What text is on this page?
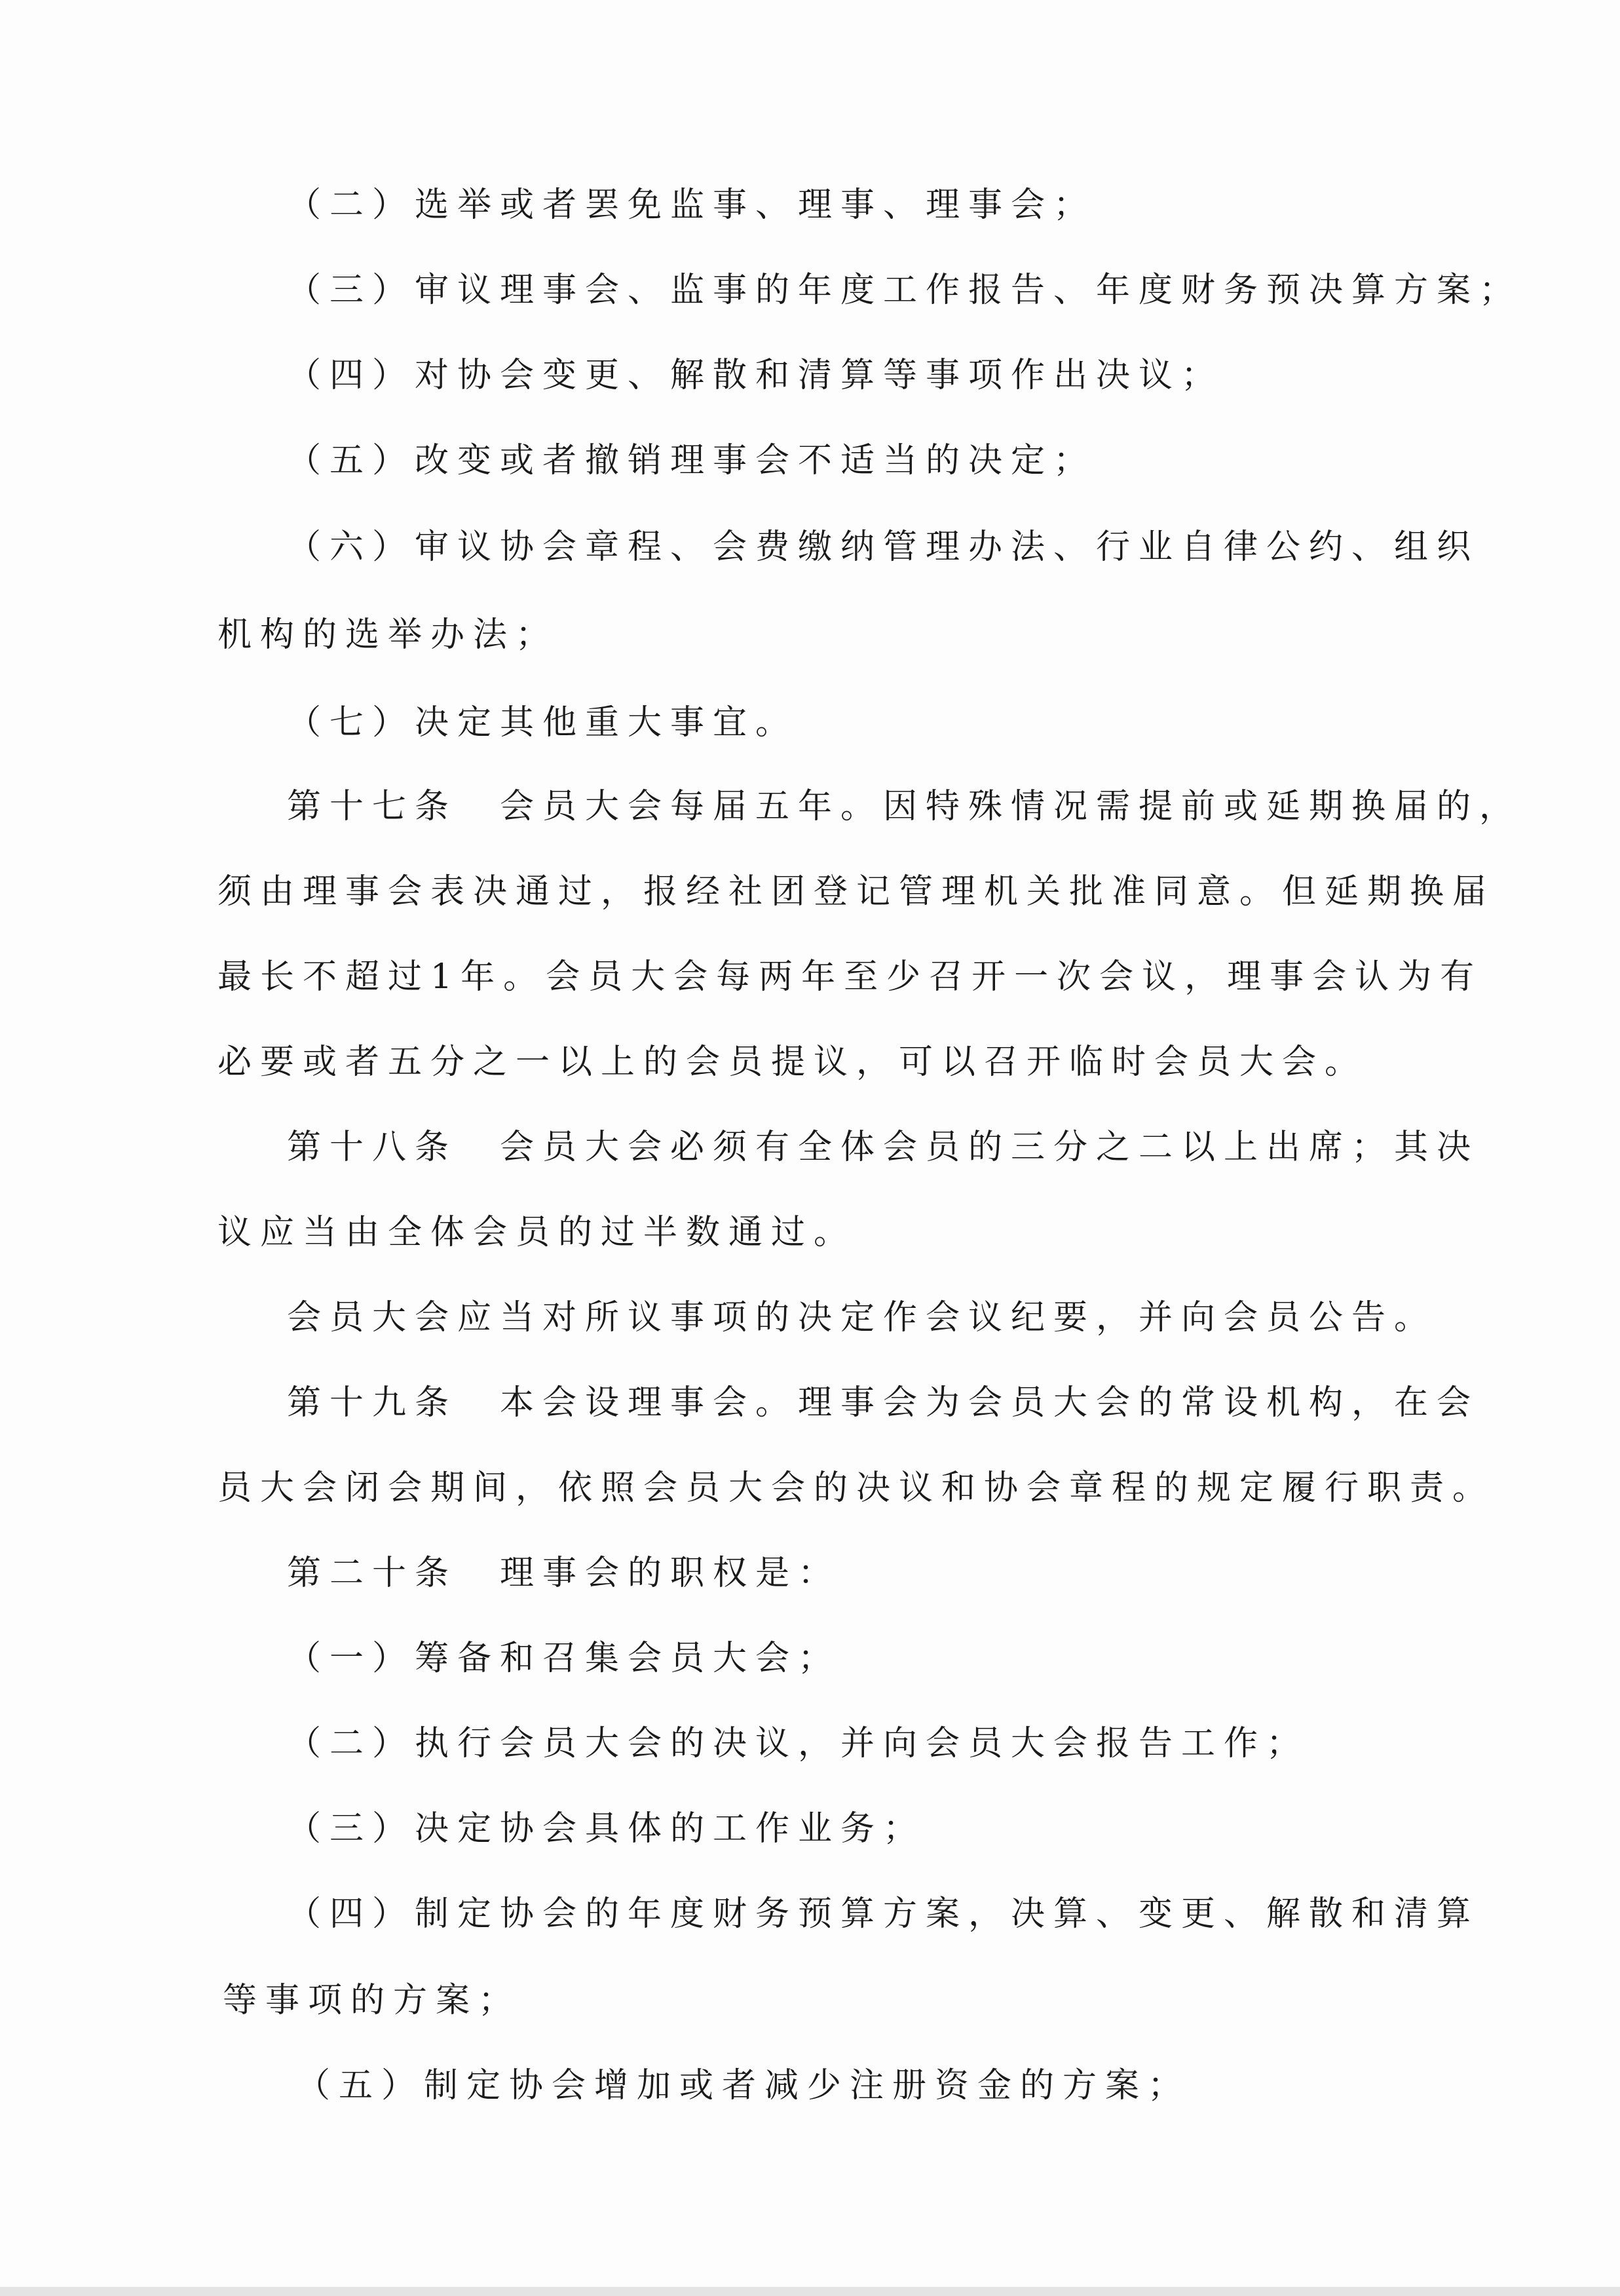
（二）选举或者罢免监事、理事、理事会；
（三）审议理事会、监事的年度工作报告、年度财务预决算方案；
（四）对协会变更、解散和清算等事项作出决议；
（五）改变或者撤销理事会不适当的决定；
（六）审议协会章程、会费缴纳管理办法、行业自律公约、组织
机构的选举办法；
（七）决定其他重大事宜。
第十七条　会员大会每届五年。因特殊情况需提前或延期换届的，
须由理事会表决通过，报经社团登记管理机关批准同意。但延期换届
最长不超过1年。会员大会每两年至少召开一次会议，理事会认为有
必要或者五分之一以上的会员提议，可以召开临时会员大会。
第十八条　会员大会必须有全体会员的三分之二以上出席；其决
议应当由全体会员的过半数通过。
会员大会应当对所议事项的决定作会议纪要，并向会员公告。
第十九条　本会设理事会。理事会为会员大会的常设机构，在会
员大会闭会期间，依照会员大会的决议和协会章程的规定履行职责。
第二十条　理事会的职权是：
（一）筹备和召集会员大会；
（二）执行会员大会的决议，并向会员大会报告工作；
（三）决定协会具体的工作业务；
（四）制定协会的年度财务预算方案，决算、变更、解散和清算
等事项的方案；
（五）制定协会增加或者减少注册资金的方案；
